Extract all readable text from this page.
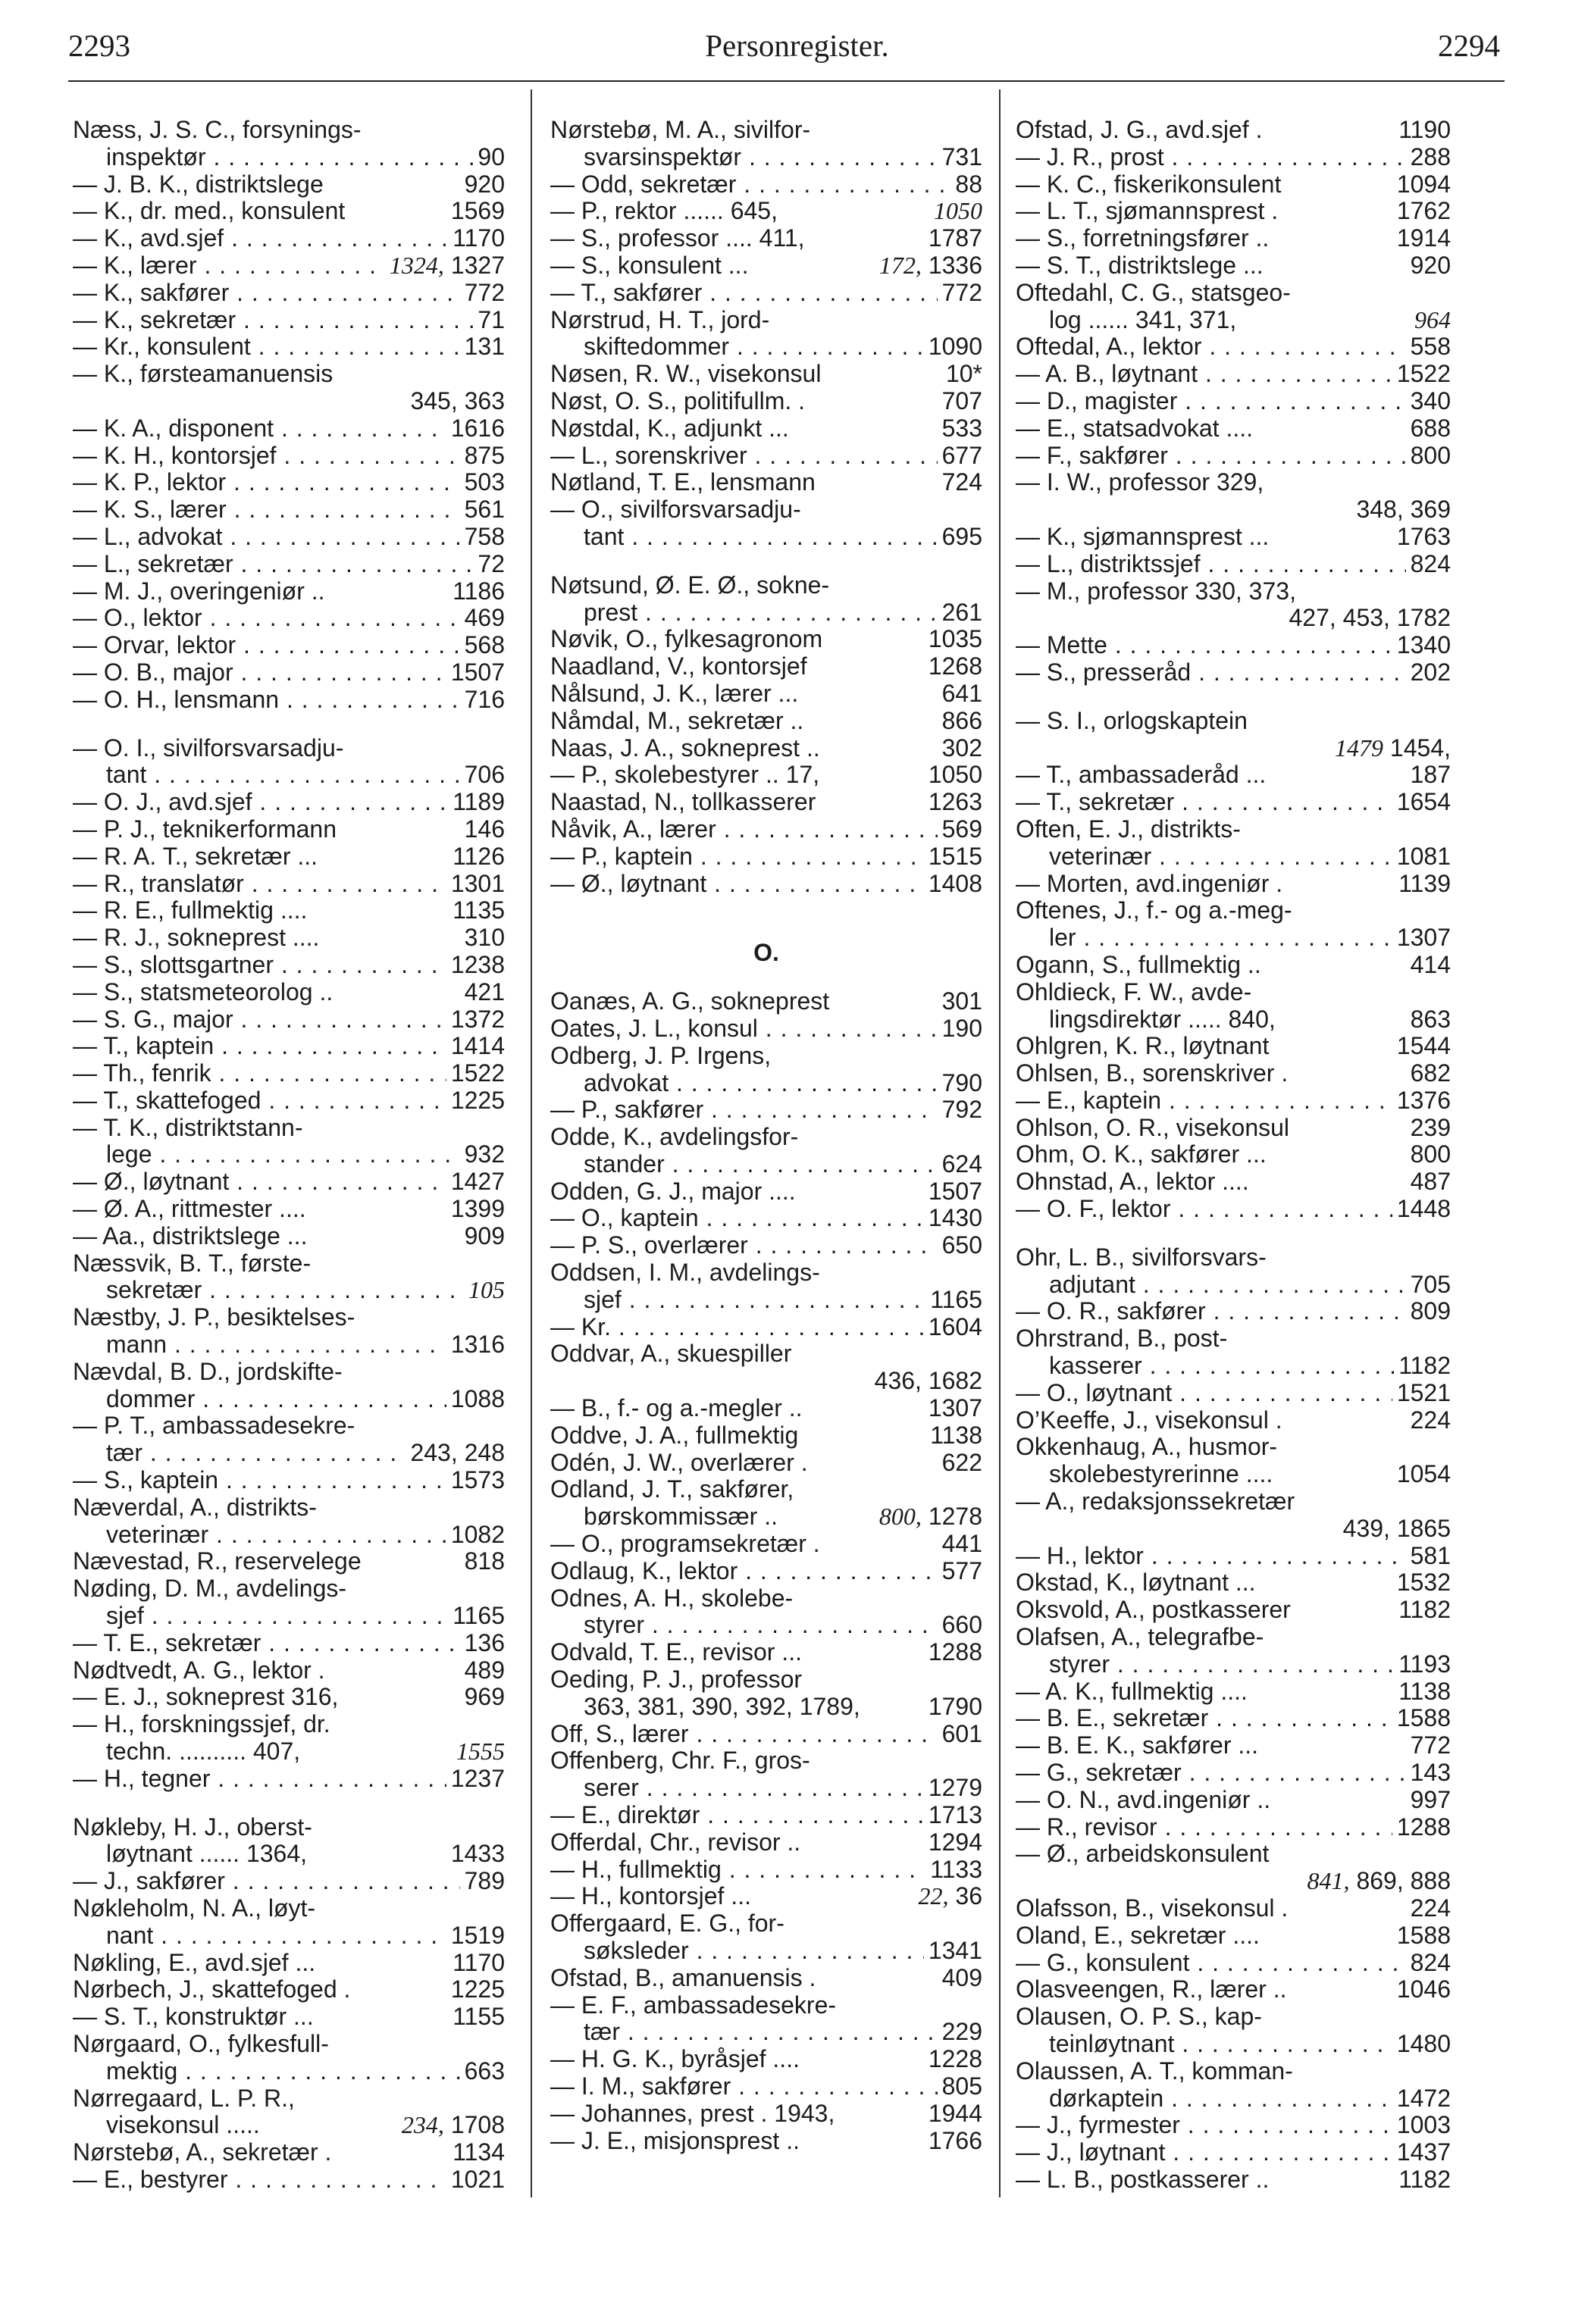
2293	Personregister.	2294
Næss, J. S. C., forsynings-
inspektør . . .	90
— J. B. K., distriktslege	920
— K., dr. med., konsulent	1569
— K., avd.sjef . . .	1170
— K., lærer . . .	1324, 1327
— K., sakfører . . .	772
— K., sekretær . . .	71
— Kr., konsulent . . .	131
— K., førsteamanuensis
345, 363
— K. A., disponent . . .	1616
— K. H., kontorsjef . . .	875
— K. P., lektor . . .	503
— K. S., lærer . . .	561
— L., advokat . . .	758
— L., sekretær . . .	72
— M. J., overingeniør ..	1186
— O., lektor . . .	469
— Orvar, lektor . . .	568
— O. B., major . . .	1507
— O. H., lensmann . . .	716
— O. I., sivilforsvarsadju-
tant . . .	706
— O. J., avd.sjef . . .	1189
— P. J., teknikerformann	146
— R. A. T., sekretær ...	1126
— R., translatør . . .	1301
— R. E., fullmektig ....	1135
— R. J., sokneprest ....	310
— S., slottsgartner . . .	1238
— S., statsmeteorolog ..	421
— S. G., major . . .	1372
— T., kaptein . . .	1414
— Th., fenrik . . .	1522
— T., skattefoged . . .	1225
— T. K., distriktstann-
lege . . .	932
— Ø., løytnant . . .	1427
— Ø. A., rittmester ....	1399
— Aa., distriktslege ...	909
Næssvik, B. T., første-
sekretær . . .	105
Næstby, J. P., besiktelses-
mann . . .	1316
Nævdal, B. D., jordskifte-
dommer . . .	1088
— P. T., ambassadesekre-
tær . . .	243, 248
— S., kaptein . . .	1573
Næverdal, A., distrikts-
veterinær . . .	1082
Nævestad, R., reservelege	818
Nøding, D. M., avdelings-
sjef . . .	1165
— T. E., sekretær . . .	136
Nødtvedt, A. G., lektor .	489
— E. J., sokneprest 316,	969
— H., forskningssjef, dr.
techn. .......... 407,	1555
— H., tegner . . .	1237
Nøkleby, H. J., oberst-
løytnant ...... 1364,	1433
— J., sakfører . . .	789
Nøkleholm, N. A., løyt-
nant . . .	1519
Nøkling, E., avd.sjef ...	1170
Nørbech, J., skattefoged .	1225
— S. T., konstruktør ...	1155
Nørgaard, O., fylkesfull-
mektig . . .	663
Nørregaard, L. P. R.,
visekonsul .....	234, 1708
Nørstebø, A., sekretær .	1134
— E., bestyrer . . .	1021
Nørstebø, M. A., sivilfor-
svarsinspektør . . .	731
— Odd, sekretær . . .	88
— P., rektor ...... 645,	1050
— S., professor .... 411,	1787
— S., konsulent ...	172, 1336
— T., sakfører . . .	772
Nørstrud, H. T., jord-
skiftedommer . . .	1090
Nøsen, R. W., visekonsul	10*
Nøst, O. S., politifullm. .	707
Nøstdal, K., adjunkt ...	533
— L., sorenskriver . . .	677
Nøtland, T. E., lensmann	724
— O., sivilforsvarsadju-
tant . . .	695
Nøtsund, Ø. E. Ø., sokne-
prest . . .	261
Nøvik, O., fylkesagronom	1035
Naadland, V., kontorsjef	1268
Nålsund, J. K., lærer ...	641
Nåmdal, M., sekretær ..	866
Naas, J. A., sokneprest ..	302
— P., skolebestyrer .. 17,	1050
Naastad, N., tollkasserer	1263
Nåvik, A., lærer . . .	569
— P., kaptein . . .	1515
— Ø., løytnant . . .	1408
O.
Oanæs, A. G., sokneprest	301
Oates, J. L., konsul . . .	190
Odberg, J. P. Irgens,
advokat . . .	790
— P., sakfører . . .	792
Odde, K., avdelingsfor-
stander . . .	624
Odden, G. J., major ....	1507
— O., kaptein . . .	1430
— P. S., overlærer . . .	650
Oddsen, I. M., avdelings-
sjef . . .	1165
— Kr. . . .	1604
Oddvar, A., skuespiller
436, 1682
— B., f.- og a.-megler ..	1307
Oddve, J. A., fullmektig	1138
Odén, J. W., overlærer .	622
Odland, J. T., sakfører,
børskommissær ..	800, 1278
— O., programsekretær .	441
Odlaug, K., lektor . . .	577
Odnes, A. H., skolebe-
styrer . . .	660
Odvald, T. E., revisor ...	1288
Oeding, P. J., professor
363, 381, 390, 392, 1789,	1790
Off, S., lærer . . .	601
Offenberg, Chr. F., gros-
serer . . .	1279
— E., direktør . . .	1713
Offerdal, Chr., revisor ..	1294
— H., fullmektig . . .	1133
— H., kontorsjef ...	22, 36
Offergaard, E. G., for-
søksleder . . .	1341
Ofstad, B., amanuensis .	409
— E. F., ambassadesekre-
tær . . .	229
— H. G. K., byråsjef ....	1228
— I. M., sakfører . . .	805
— Johannes, prest . 1943,	1944
— J. E., misjonsprest ..	1766
Ofstad, J. G., avd.sjef .	1190
— J. R., prost . . .	288
— K. C., fiskerikonsulent	1094
— L. T., sjømannsprest .	1762
— S., forretningsfører ..	1914
— S. T., distriktslege ...	920
Oftedahl, C. G., statsgeo-
log ...... 341, 371,	964
Oftedal, A., lektor . . .	558
— A. B., løytnant . . .	1522
— D., magister . . .	340
— E., statsadvokat ....	688
— F., sakfører . . .	800
— I. W., professor 329,
348, 369
— K., sjømannsprest ...	1763
— L., distriktssjef . . .	824
— M., professor 330, 373,
427, 453, 1782
— Mette . . .	1340
— S., presseråd . . .	202
— S. I., orlogskaptein
1479 1454,
— T., ambassaderåd ...	187
— T., sekretær . . .	1654
Often, E. J., distrikts-
veterinær . . .	1081
— Morten, avd.ingeniør .	1139
Oftenes, J., f.- og a.-meg-
ler . . .	1307
Ogann, S., fullmektig ..	414
Ohldieck, F. W., avde-
lingsdirektør ..... 840,	863
Ohlgren, K. R., løytnant	1544
Ohlsen, B., sorenskriver .	682
— E., kaptein . . .	1376
Ohlson, O. R., visekonsul	239
Ohm, O. K., sakfører ...	800
Ohnstad, A., lektor ....	487
— O. F., lektor . . .	1448
Ohr, L. B., sivilforsvars-
adjutant . . .	705
— O. R., sakfører . . .	809
Ohrstrand, B., post-
kasserer . . .	1182
— O., løytnant . . .	1521
O’Keeffe, J., visekonsul .	224
Okkenhaug, A., husmor-
skolebestyrerinne ....	1054
— A., redaksjonssekretær
439, 1865
— H., lektor . . .	581
Okstad, K., løytnant ...	1532
Oksvold, A., postkasserer	1182
Olafsen, A., telegrafbe-
styrer . . .	1193
— A. K., fullmektig ....	1138
— B. E., sekretær . . .	1588
— B. E. K., sakfører ...	772
— G., sekretær . . .	143
— O. N., avd.ingeniør ..	997
— R., revisor . . .	1288
— Ø., arbeidskonsulent
841, 869, 888
Olafsson, B., visekonsul .	224
Oland, E., sekretær ....	1588
— G., konsulent . . .	824
Olasveengen, R., lærer ..	1046
Olausen, O. P. S., kap-
teinløytnant . . .	1480
Olaussen, A. T., komman-
dørkaptein . . .	1472
— J., fyrmester . . .	1003
— J., løytnant . . .	1437
— L. B., postkasserer ..	1182
